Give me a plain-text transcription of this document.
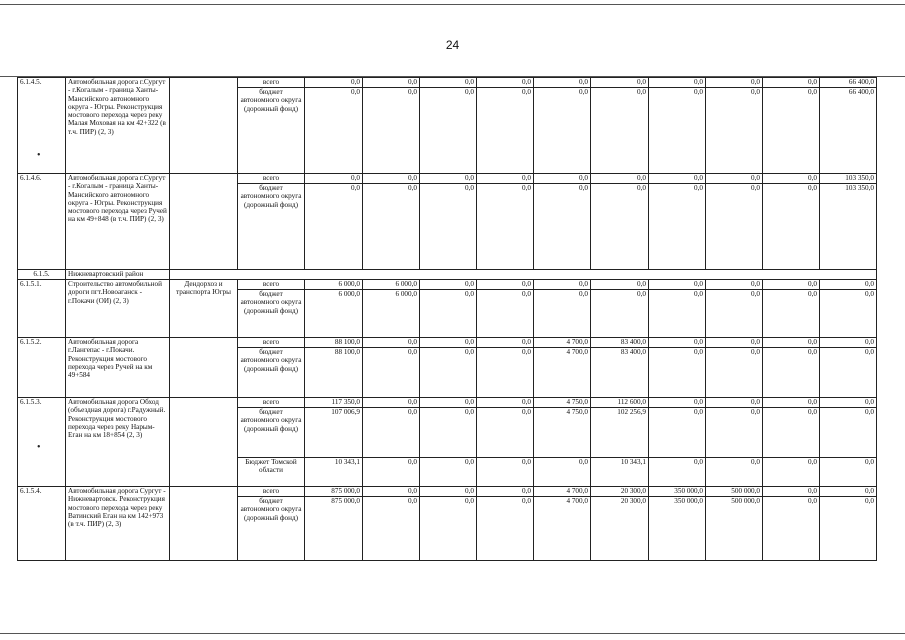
24
6.1.4.5.	Автомобильная дорога г.Сургут - г.Когалым - граница Ханты-Мансийского автономного округа - Югры. Реконструкция мостового перехода через реку Малая Моховая на км 42+322 (в т.ч. ПИР) (2, 3)		всего	0,0	0,0	0,0	0,0	0,0	0,0	0,0	0,0	0,0	66 400,0
			бюджет автономного округа (дорожный фонд)	0,0	0,0	0,0	0,0	0,0	0,0	0,0	0,0	0,0	66 400,0
6.1.4.6.	Автомобильная дорога г.Сургут - г.Когалым - граница Ханты-Мансийского автономного округа - Югры. Реконструкция мостового перехода через Ручей на км 49+848 (в т.ч. ПИР) (2, 3)		всего	0,0	0,0	0,0	0,0	0,0	0,0	0,0	0,0	0,0	103 350,0
			бюджет автономного округа (дорожный фонд)	0,0	0,0	0,0	0,0	0,0	0,0	0,0	0,0	0,0	103 350,0
6.1.5.	Нижневартовский район												
6.1.5.1.	Строительство автомобильной дороги пгт.Новоаганск - г.Покачи (ОИ) (2, 3)	Дендорхоз и транспорта Югры	всего	6 000,0	6 000,0	0,0	0,0	0,0	0,0	0,0	0,0	0,0	0,0
			бюджет автономного округа (дорожный фонд)	6 000,0	6 000,0	0,0	0,0	0,0	0,0	0,0	0,0	0,0	0,0
6.1.5.2.	Автомобильная дорога г.Лангепас - г.Покачи. Реконструкция мостового перехода через Ручей на км 49+584		всего	88 100,0	0,0	0,0	0,0	4 700,0	83 400,0	0,0	0,0	0,0	0,0
			бюджет автономного округа (дорожный фонд)	88 100,0	0,0	0,0	0,0	4 700,0	83 400,0	0,0	0,0	0,0	0,0
6.1.5.3.	Автомобильная дорога Обход (объездная дорога) г.Радужный. Реконструкция мостового перехода через реку Нарым-Еган на км 18+854 (2, 3)		всего	117 350,0	0,0	0,0	0,0	4 750,0	112 600,0	0,0	0,0	0,0	0,0
			бюджет автономного округа (дорожный фонд)	107 006,9	0,0	0,0	0,0	4 750,0	102 256,9	0,0	0,0	0,0	0,0
			Бюджет Томской области	10 343,1	0,0	0,0	0,0	0,0	10 343,1	0,0	0,0	0,0	0,0
6.1.5.4.	Автомобильная дорога Сургут - Нижневартовск. Реконструкция мостового перехода через реку Ватинский Еган на км 142+973 (в т.ч. ПИР) (2, 3)		всего	875 000,0	0,0	0,0	0,0	4 700,0	20 300,0	350 000,0	500 000,0	0,0	0,0
			бюджет автономного округа (дорожный фонд)	875 000,0	0,0	0,0	0,0	4 700,0	20 300,0	350 000,0	500 000,0	0,0	0,0
•
•
